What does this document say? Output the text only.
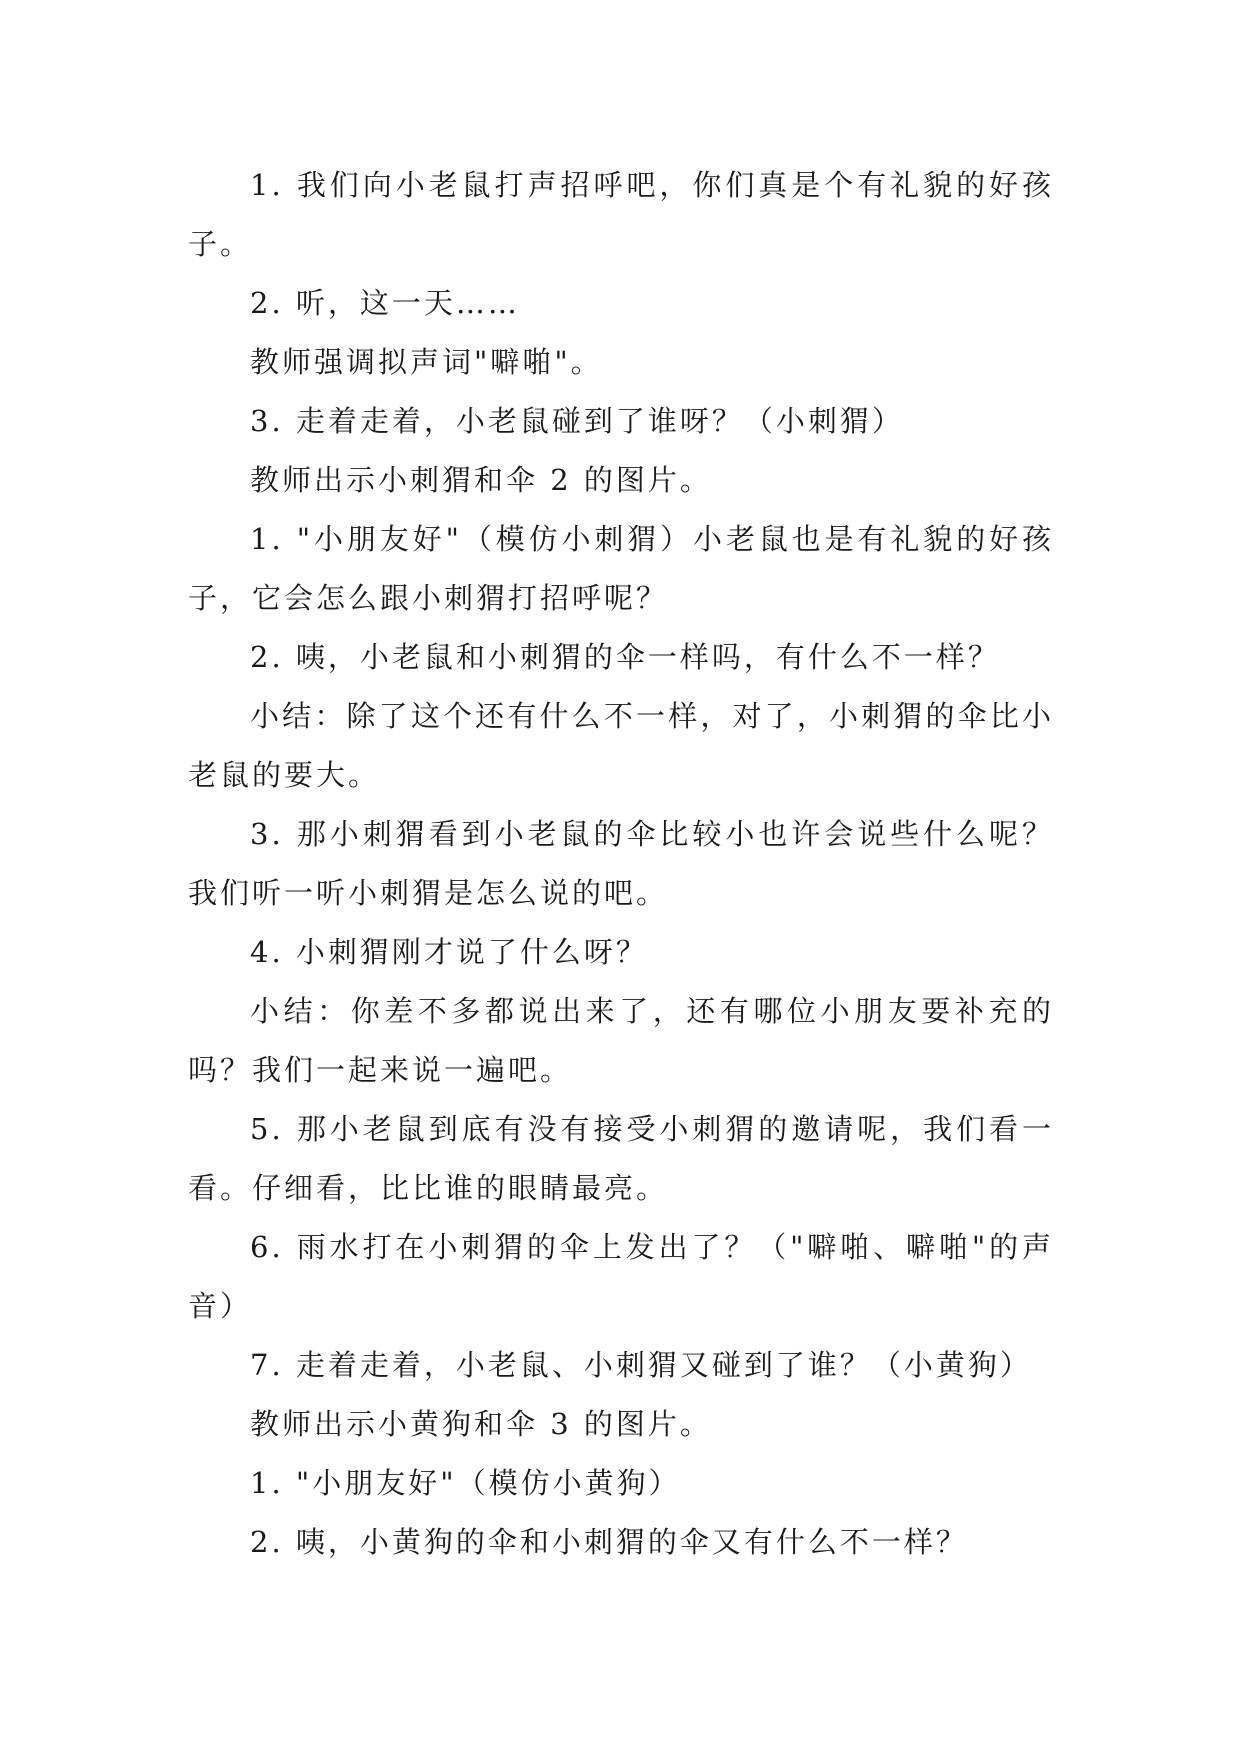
1. 我们向小老鼠打声招呼吧，你们真是个有礼貌的好孩子。

2. 听，这一天……

教师强调拟声词"噼啪"。

3. 走着走着，小老鼠碰到了谁呀？（小刺猬）

教师出示小刺猬和伞 2 的图片。

1. "小朋友好"（模仿小刺猬）小老鼠也是有礼貌的好孩子，它会怎么跟小刺猬打招呼呢？

2. 咦，小老鼠和小刺猬的伞一样吗，有什么不一样？

小结：除了这个还有什么不一样，对了，小刺猬的伞比小老鼠的要大。

3. 那小刺猬看到小老鼠的伞比较小也许会说些什么呢？我们听一听小刺猬是怎么说的吧。

4. 小刺猬刚才说了什么呀？

小结：你差不多都说出来了，还有哪位小朋友要补充的吗？我们一起来说一遍吧。

5. 那小老鼠到底有没有接受小刺猬的邀请呢，我们看一看。仔细看，比比谁的眼睛最亮。

6. 雨水打在小刺猬的伞上发出了？（"噼啪、噼啪"的声音）

7. 走着走着，小老鼠、小刺猬又碰到了谁？（小黄狗）

教师出示小黄狗和伞 3 的图片。

1. "小朋友好"（模仿小黄狗）

2. 咦，小黄狗的伞和小刺猬的伞又有什么不一样？
